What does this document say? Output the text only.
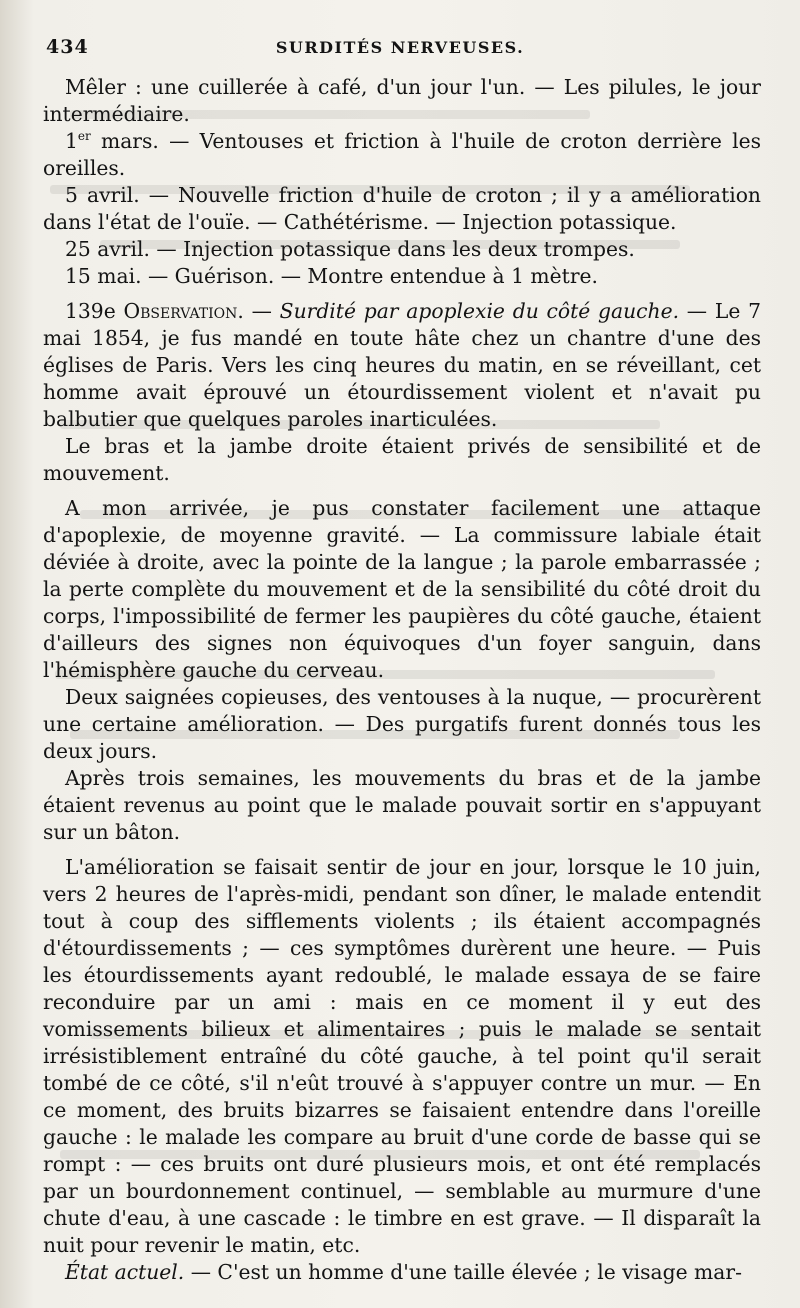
434	SURDITÉS NERVEUSES.

Mêler : une cuillerée à café, d'un jour l'un. — Les pilules, le jour intermédiaire.

1er mars. — Ventouses et friction à l'huile de croton derrière les oreilles.

5 avril. — Nouvelle friction d'huile de croton ; il y a amélioration dans l'état de l'ouïe. — Cathétérisme. — Injection potassique.

25 avril. — Injection potassique dans les deux trompes.

15 mai. — Guérison. — Montre entendue à 1 mètre.

139e Observation. — Surdité par apoplexie du côté gauche. — Le 7 mai 1854, je fus mandé en toute hâte chez un chantre d'une des églises de Paris. Vers les cinq heures du matin, en se réveillant, cet homme avait éprouvé un étourdissement violent et n'avait pu balbutier que quelques paroles inarticulées.

Le bras et la jambe droite étaient privés de sensibilité et de mouvement.

A mon arrivée, je pus constater facilement une attaque d'apoplexie, de moyenne gravité. — La commissure labiale était déviée à droite, avec la pointe de la langue ; la parole embarrassée ; la perte complète du mouvement et de la sensibilité du côté droit du corps, l'impossibilité de fermer les paupières du côté gauche, étaient d'ailleurs des signes non équivoques d'un foyer sanguin, dans l'hémisphère gauche du cerveau.

Deux saignées copieuses, des ventouses à la nuque, — procurèrent une certaine amélioration. — Des purgatifs furent donnés tous les deux jours.

Après trois semaines, les mouvements du bras et de la jambe étaient revenus au point que le malade pouvait sortir en s'appuyant sur un bâton.

L'amélioration se faisait sentir de jour en jour, lorsque le 10 juin, vers 2 heures de l'après-midi, pendant son dîner, le malade entendit tout à coup des sifflements violents ; ils étaient accompagnés d'étourdissements ; — ces symptômes durèrent une heure. — Puis les étourdissements ayant redoublé, le malade essaya de se faire reconduire par un ami : mais en ce moment il y eut des vomissements bilieux et alimentaires ; puis le malade se sentait irrésistiblement entraîné du côté gauche, à tel point qu'il serait tombé de ce côté, s'il n'eût trouvé à s'appuyer contre un mur. — En ce moment, des bruits bizarres se faisaient entendre dans l'oreille gauche : le malade les compare au bruit d'une corde de basse qui se rompt : — ces bruits ont duré plusieurs mois, et ont été remplacés par un bourdonnement continuel, — semblable au murmure d'une chute d'eau, à une cascade : le timbre en est grave. — Il disparaît la nuit pour revenir le matin, etc.

État actuel. — C'est un homme d'une taille élevée ; le visage mar-
